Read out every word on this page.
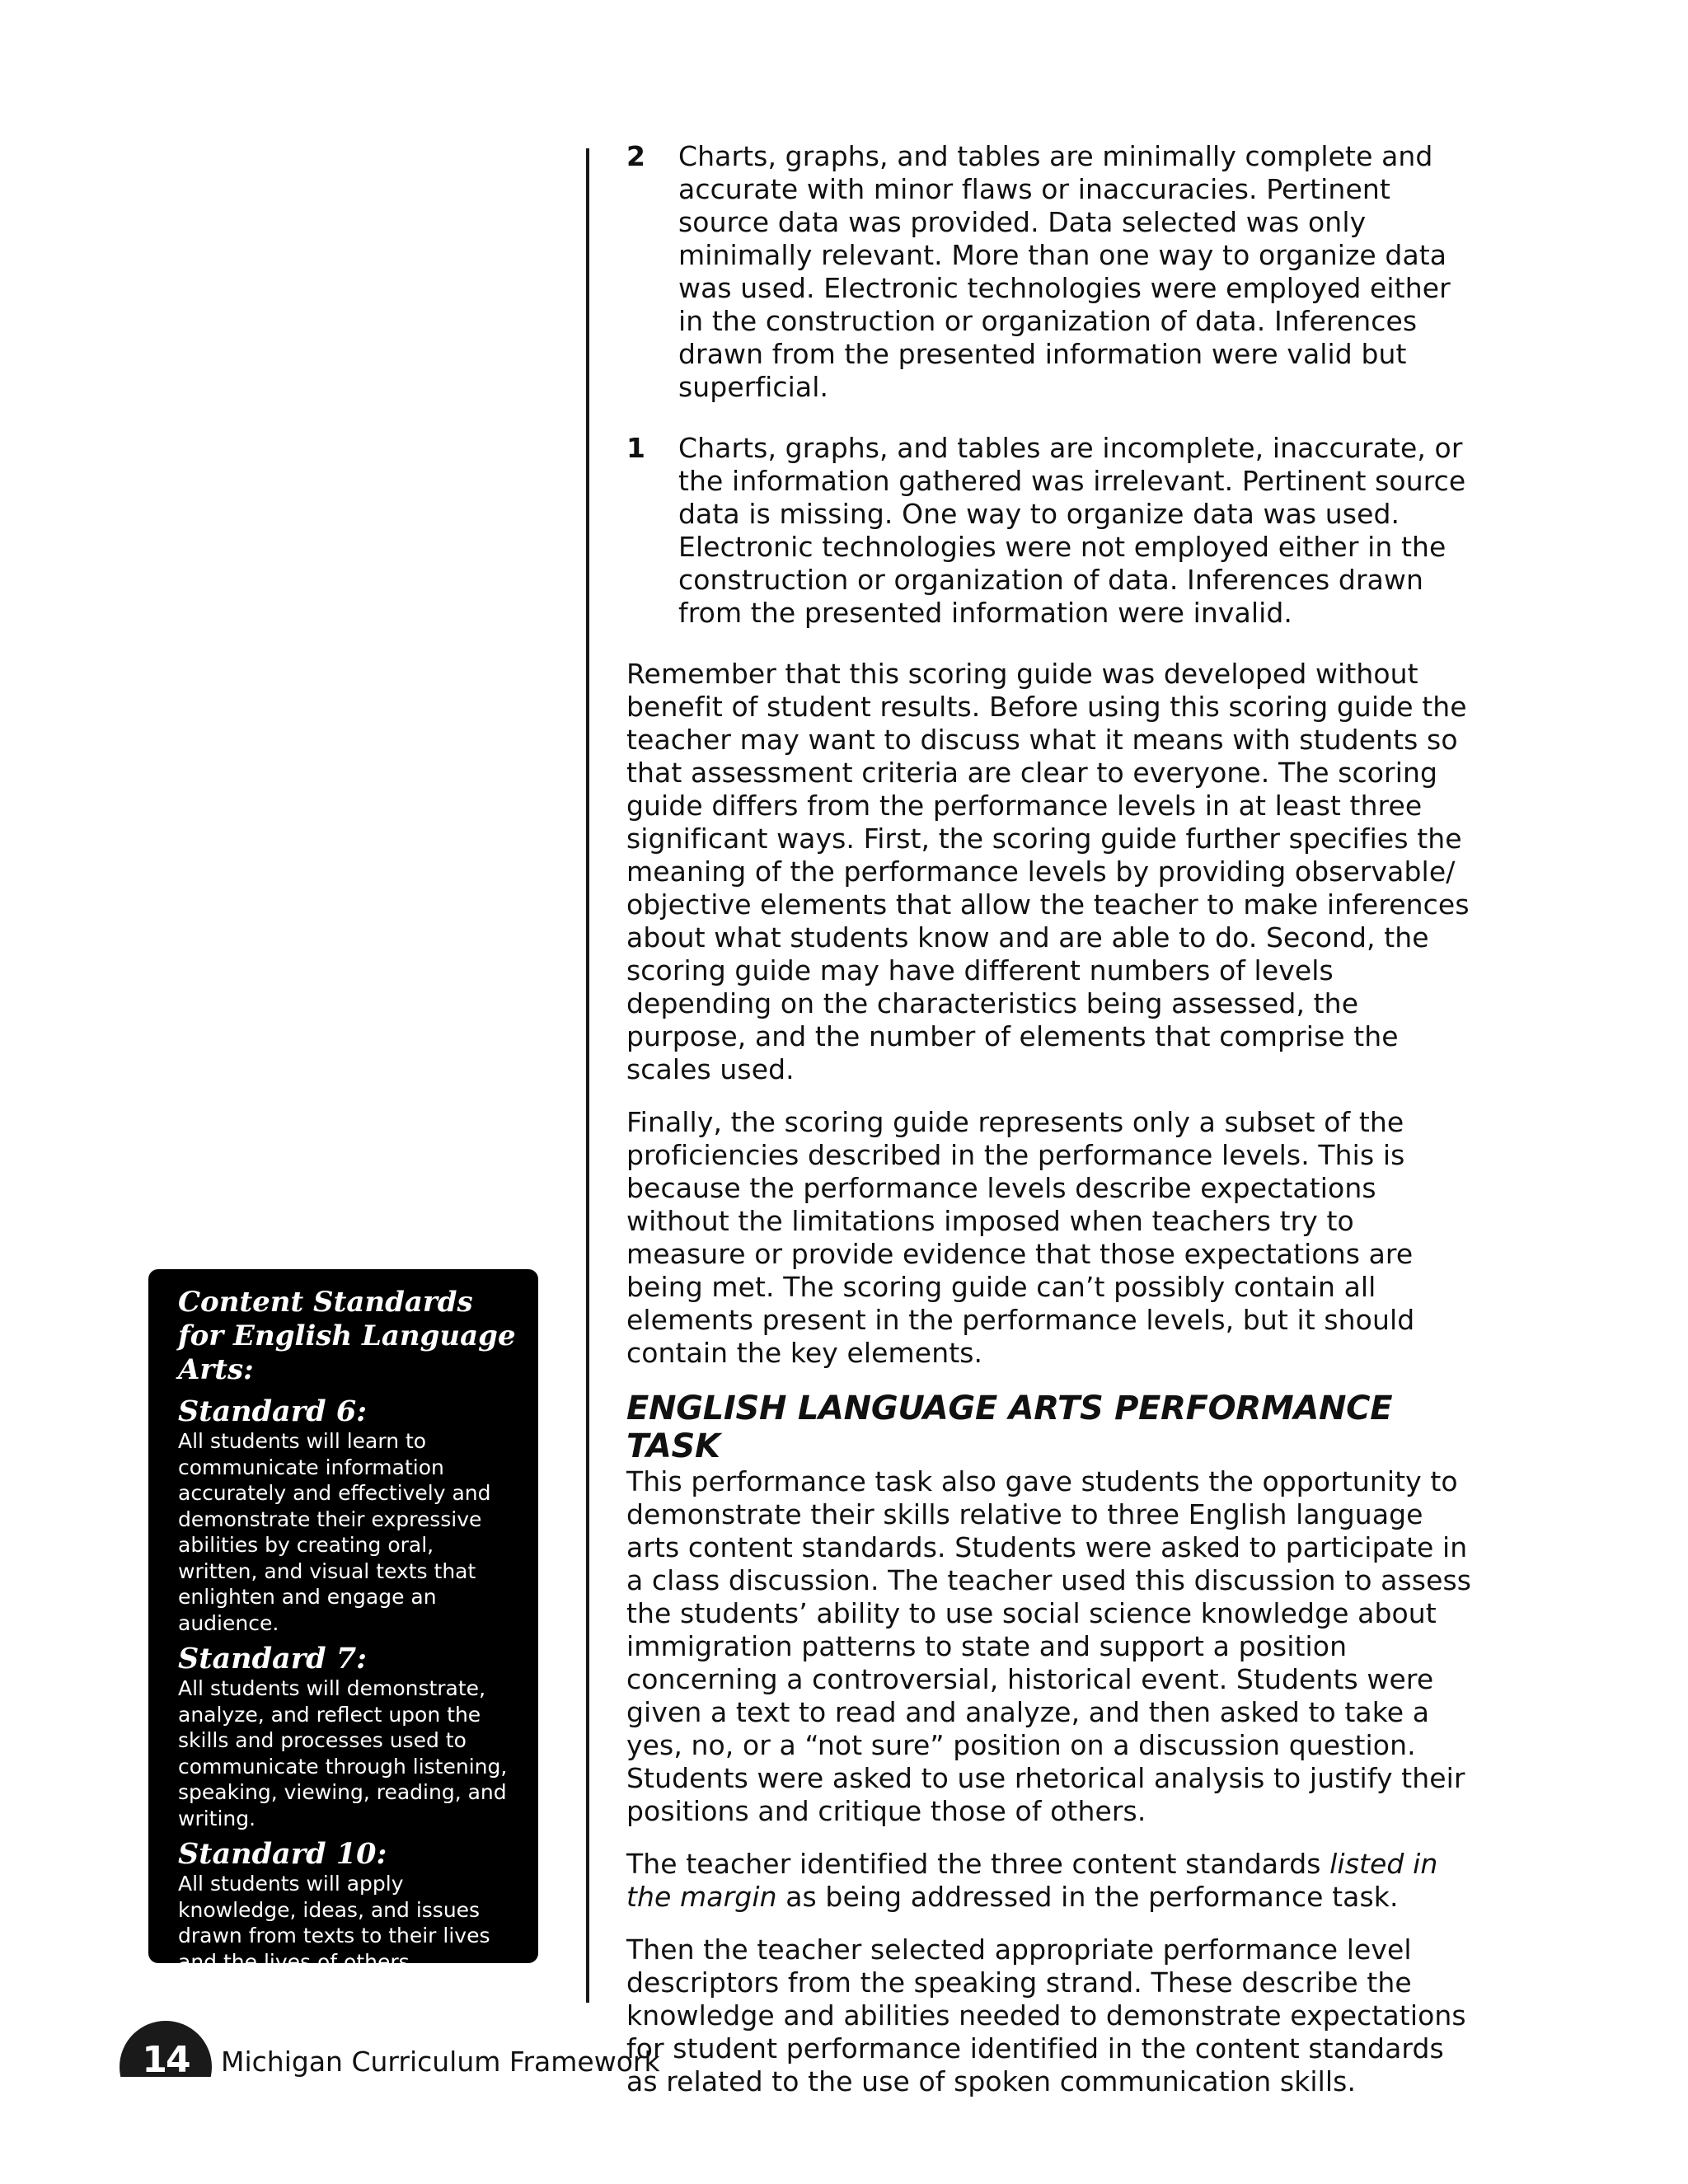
2	Charts, graphs, and tables are minimally complete and accurate with minor flaws or inaccuracies. Pertinent source data was provided. Data selected was only minimally relevant. More than one way to organize data was used. Electronic technologies were employed either in the construction or organization of data. Inferences drawn from the presented information were valid but superficial.
1	Charts, graphs, and tables are incomplete, inaccurate, or the information gathered was irrelevant. Pertinent source data is missing. One way to organize data was used. Electronic technologies were not employed either in the construction or organization of data. Inferences drawn from the presented information were invalid.

Remember that this scoring guide was developed without benefit of student results. Before using this scoring guide the teacher may want to discuss what it means with students so that assessment criteria are clear to everyone. The scoring guide differs from the performance levels in at least three significant ways. First, the scoring guide further specifies the meaning of the performance levels by providing observable/ objective elements that allow the teacher to make inferences about what students know and are able to do. Second, the scoring guide may have different numbers of levels depending on the characteristics being assessed, the purpose, and the number of elements that comprise the scales used.

Finally, the scoring guide represents only a subset of the proficiencies described in the performance levels. This is because the performance levels describe expectations without the limitations imposed when teachers try to measure or provide evidence that those expectations are being met. The scoring guide can’t possibly contain all elements present in the performance levels, but it should contain the key elements.

ENGLISH LANGUAGE ARTS PERFORMANCE TASK

This performance task also gave students the opportunity to demonstrate their skills relative to three English language arts content standards. Students were asked to participate in a class discussion. The teacher used this discussion to assess the students’ ability to use social science knowledge about immigration patterns to state and support a position concerning a controversial, historical event. Students were given a text to read and analyze, and then asked to take a yes, no, or a “not sure” position on a discussion question. Students were asked to use rhetorical analysis to justify their positions and critique those of others.

The teacher identified the three content standards listed in the margin as being addressed in the performance task.

Then the teacher selected appropriate performance level descriptors from the speaking strand. These describe the knowledge and abilities needed to demonstrate expectations for student performance identified in the content standards as related to the use of spoken communication skills.

Content Standards for English Language Arts:
Standard 6:
All students will learn to communicate information accurately and effectively and demonstrate their expressive abilities by creating oral, written, and visual texts that enlighten and engage an audience.
Standard 7:
All students will demonstrate, analyze, and reflect upon the skills and processes used to communicate through listening, speaking, viewing, reading, and writing.
Standard 10:
All students will apply knowledge, ideas, and issues drawn from texts to their lives and the lives of others.
14	Michigan Curriculum Framework
